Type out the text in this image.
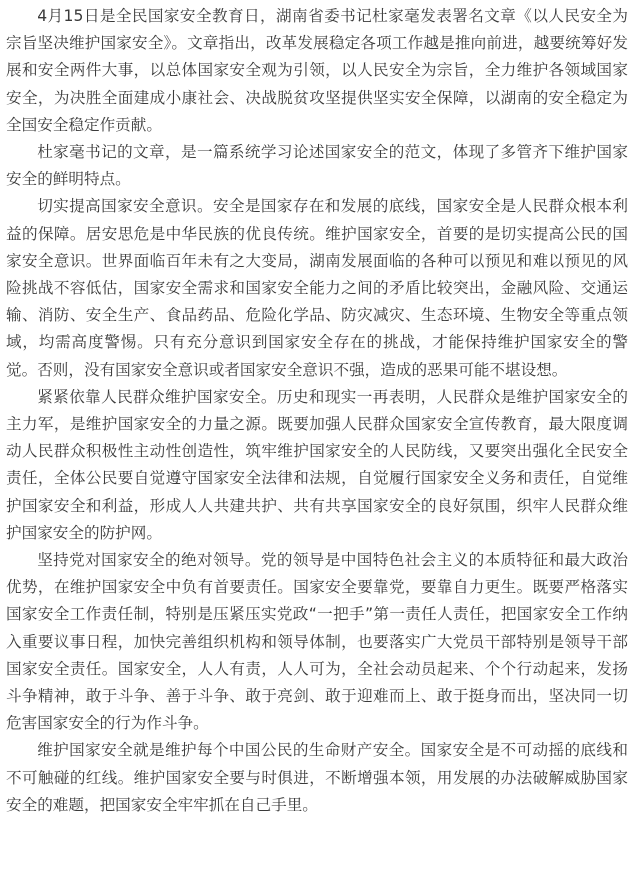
4月15日是全民国家安全教育日，湖南省委书记杜家毫发表署名文章《以人民安全为宗旨坚决维护国家安全》。文章指出，改革发展稳定各项工作越是推向前进，越要统筹好发展和安全两件大事，以总体国家安全观为引领，以人民安全为宗旨，全力维护各领域国家安全，为决胜全面建成小康社会、决战脱贫攻坚提供坚实安全保障，以湖南的安全稳定为全国安全稳定作贡献。

杜家毫书记的文章，是一篇系统学习论述国家安全的范文，体现了多管齐下维护国家安全的鲜明特点。

切实提高国家安全意识。安全是国家存在和发展的底线，国家安全是人民群众根本利益的保障。居安思危是中华民族的优良传统。维护国家安全，首要的是切实提高公民的国家安全意识。世界面临百年未有之大变局，湖南发展面临的各种可以预见和难以预见的风险挑战不容低估，国家安全需求和国家安全能力之间的矛盾比较突出，金融风险、交通运输、消防、安全生产、食品药品、危险化学品、防灾减灾、生态环境、生物安全等重点领域，均需高度警惕。只有充分意识到国家安全存在的挑战，才能保持维护国家安全的警觉。否则，没有国家安全意识或者国家安全意识不强，造成的恶果可能不堪设想。

紧紧依靠人民群众维护国家安全。历史和现实一再表明，人民群众是维护国家安全的主力军，是维护国家安全的力量之源。既要加强人民群众国家安全宣传教育，最大限度调动人民群众积极性主动性创造性，筑牢维护国家安全的人民防线，又要突出强化全民安全责任，全体公民要自觉遵守国家安全法律和法规，自觉履行国家安全义务和责任，自觉维护国家安全和利益，形成人人共建共护、共有共享国家安全的良好氛围，织牢人民群众维护国家安全的防护网。

坚持党对国家安全的绝对领导。党的领导是中国特色社会主义的本质特征和最大政治优势，在维护国家安全中负有首要责任。国家安全要靠党，要靠自力更生。既要严格落实国家安全工作责任制，特别是压紧压实党政“一把手”第一责任人责任，把国家安全工作纳入重要议事日程，加快完善组织机构和领导体制，也要落实广大党员干部特别是领导干部国家安全责任。国家安全，人人有责，人人可为，全社会动员起来、个个行动起来，发扬斗争精神，敢于斗争、善于斗争、敢于亮剑、敢于迎难而上、敢于挺身而出，坚决同一切危害国家安全的行为作斗争。

维护国家安全就是维护每个中国公民的生命财产安全。国家安全是不可动摇的底线和不可触碰的红线。维护国家安全要与时俱进，不断增强本领，用发展的办法破解威胁国家安全的难题，把国家安全牢牢抓在自己手里。
